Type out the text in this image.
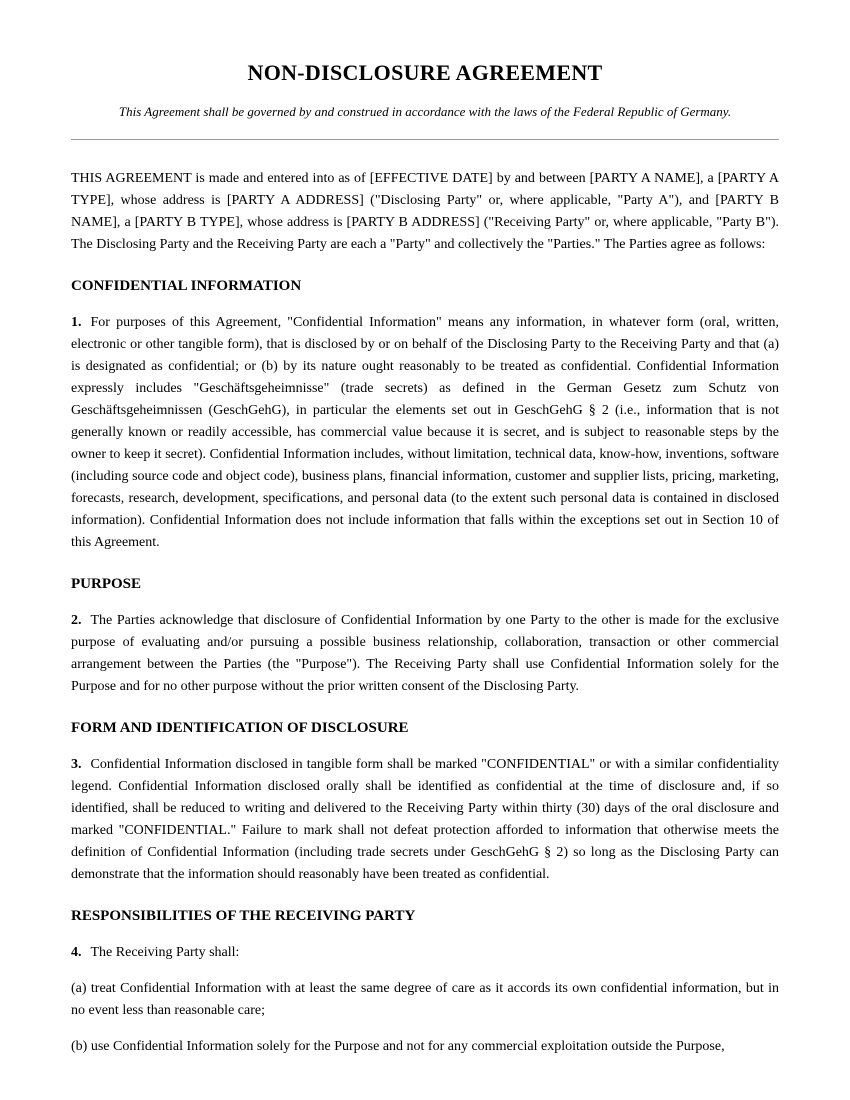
NON-DISCLOSURE AGREEMENT

This Agreement shall be governed by and construed in accordance with the laws of the Federal Republic of Germany.

THIS AGREEMENT is made and entered into as of [EFFECTIVE DATE] by and between [PARTY A NAME], a [PARTY A TYPE], whose address is [PARTY A ADDRESS] ("Disclosing Party" or, where applicable, "Party A"), and [PARTY B NAME], a [PARTY B TYPE], whose address is [PARTY B ADDRESS] ("Receiving Party" or, where applicable, "Party B"). The Disclosing Party and the Receiving Party are each a "Party" and collectively the "Parties." The Parties agree as follows:

CONFIDENTIAL INFORMATION

1. For purposes of this Agreement, "Confidential Information" means any information, in whatever form (oral, written, electronic or other tangible form), that is disclosed by or on behalf of the Disclosing Party to the Receiving Party and that (a) is designated as confidential; or (b) by its nature ought reasonably to be treated as confidential. Confidential Information expressly includes "Geschäftsgeheimnisse" (trade secrets) as defined in the German Gesetz zum Schutz von Geschäftsgeheimnissen (GeschGehG), in particular the elements set out in GeschGehG § 2 (i.e., information that is not generally known or readily accessible, has commercial value because it is secret, and is subject to reasonable steps by the owner to keep it secret). Confidential Information includes, without limitation, technical data, know-how, inventions, software (including source code and object code), business plans, financial information, customer and supplier lists, pricing, marketing, forecasts, research, development, specifications, and personal data (to the extent such personal data is contained in disclosed information). Confidential Information does not include information that falls within the exceptions set out in Section 10 of this Agreement.

PURPOSE

2. The Parties acknowledge that disclosure of Confidential Information by one Party to the other is made for the exclusive purpose of evaluating and/or pursuing a possible business relationship, collaboration, transaction or other commercial arrangement between the Parties (the "Purpose"). The Receiving Party shall use Confidential Information solely for the Purpose and for no other purpose without the prior written consent of the Disclosing Party.

FORM AND IDENTIFICATION OF DISCLOSURE

3. Confidential Information disclosed in tangible form shall be marked "CONFIDENTIAL" or with a similar confidentiality legend. Confidential Information disclosed orally shall be identified as confidential at the time of disclosure and, if so identified, shall be reduced to writing and delivered to the Receiving Party within thirty (30) days of the oral disclosure and marked "CONFIDENTIAL." Failure to mark shall not defeat protection afforded to information that otherwise meets the definition of Confidential Information (including trade secrets under GeschGehG § 2) so long as the Disclosing Party can demonstrate that the information should reasonably have been treated as confidential.

RESPONSIBILITIES OF THE RECEIVING PARTY

4. The Receiving Party shall:

(a) treat Confidential Information with at least the same degree of care as it accords its own confidential information, but in no event less than reasonable care;

(b) use Confidential Information solely for the Purpose and not for any commercial exploitation outside the Purpose,
